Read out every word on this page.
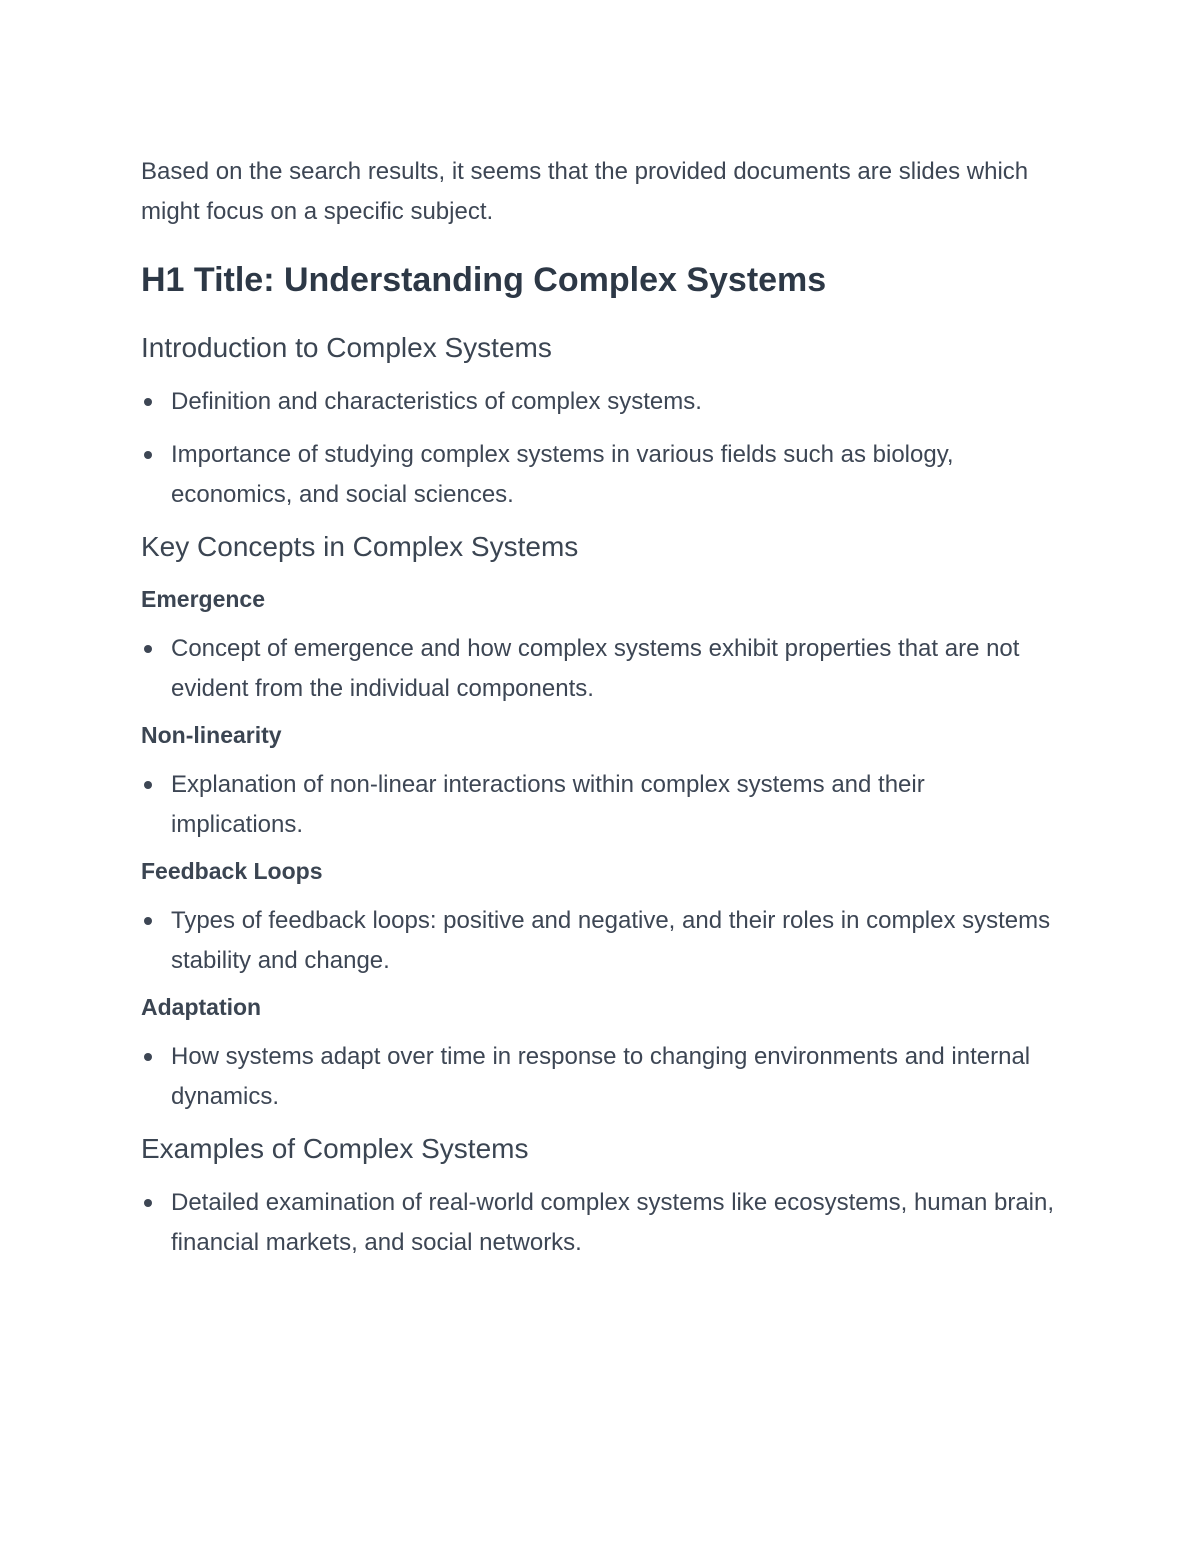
Based on the search results, it seems that the provided documents are slides which might focus on a specific subject.

H1 Title: Understanding Complex Systems
Introduction to Complex Systems
Definition and characteristics of complex systems.
Importance of studying complex systems in various fields such as biology, economics, and social sciences.
Key Concepts in Complex Systems
Emergence
Concept of emergence and how complex systems exhibit properties that are not evident from the individual components.
Non-linearity
Explanation of non-linear interactions within complex systems and their implications.
Feedback Loops
Types of feedback loops: positive and negative, and their roles in complex systems stability and change.
Adaptation
How systems adapt over time in response to changing environments and internal dynamics.
Examples of Complex Systems
Detailed examination of real-world complex systems like ecosystems, human brain, financial markets, and social networks.
